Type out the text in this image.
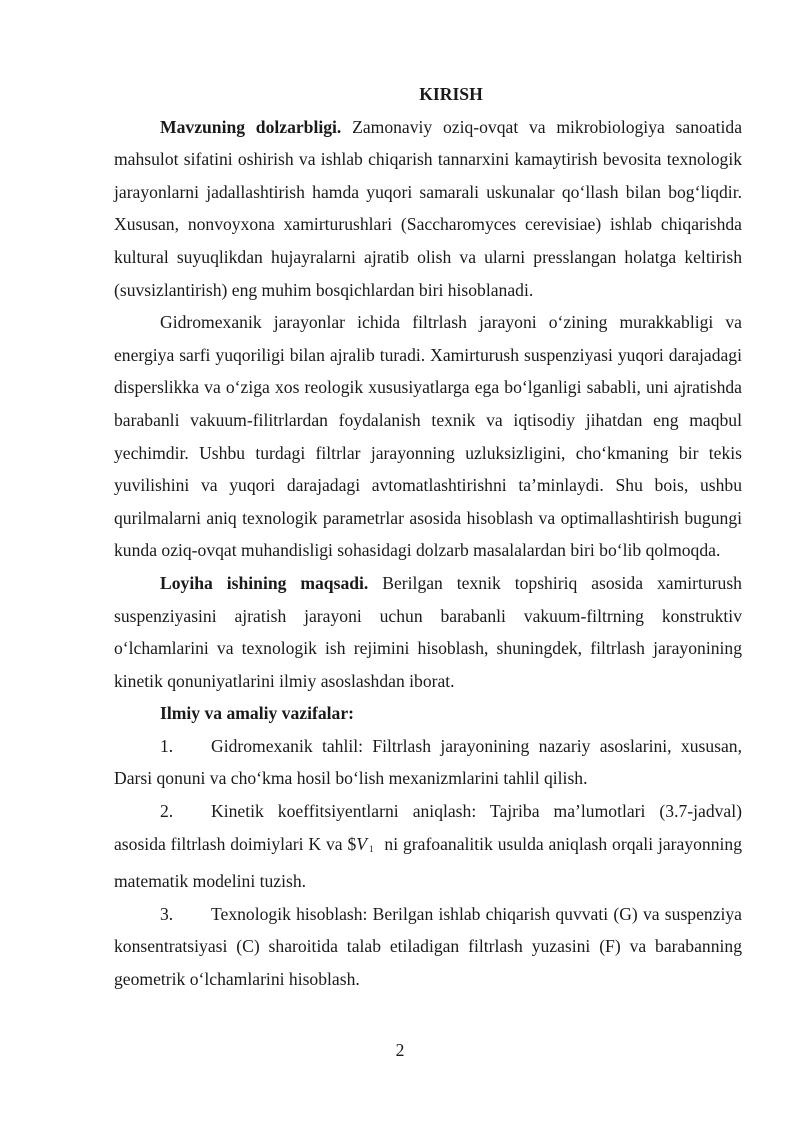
KIRISH

Mavzuning dolzarbligi. Zamonaviy oziq-ovqat va mikrobiologiya sanoatida mahsulot sifatini oshirish va ishlab chiqarish tannarxini kamaytirish bevosita texnologik jarayonlarni jadallashtirish hamda yuqori samarali uskunalar qo‘llash bilan bog‘liqdir. Xususan, nonvoyxona xamirturushlari (Saccharomyces cerevisiae) ishlab chiqarishda kultural suyuqlikdan hujayralarni ajratib olish va ularni presslangan holatga keltirish (suvsizlantirish) eng muhim bosqichlardan biri hisoblanadi.

Gidromexanik jarayonlar ichida filtrlash jarayoni o‘zining murakkabligi va energiya sarfi yuqoriligi bilan ajralib turadi. Xamirturush suspenziyasi yuqori darajadagi disperslikka va o‘ziga xos reologik xususiyatlarga ega bo‘lganligi sababli, uni ajratishda barabanli vakuum-filitrlardan foydalanish texnik va iqtisodiy jihatdan eng maqbul yechimdir. Ushbu turdagi filtrlar jarayonning uzluksizligini, cho‘kmaning bir tekis yuvilishini va yuqori darajadagi avtomatlashtirishni ta’minlaydi. Shu bois, ushbu qurilmalarni aniq texnologik parametrlar asosida hisoblash va optimallashtirish bugungi kunda oziq-ovqat muhandisligi sohasidagi dolzarb masalalardan biri bo‘lib qolmoqda.

Loyiha ishining maqsadi. Berilgan texnik topshiriq asosida xamirturush suspenziyasini ajratish jarayoni uchun barabanli vakuum-filtrning konstruktiv o‘lchamlarini va texnologik ish rejimini hisoblash, shuningdek, filtrlash jarayonining kinetik qonuniyatlarini ilmiy asoslashdan iborat.

Ilmiy va amaliy vazifalar:

1. Gidromexanik tahlil: Filtrlash jarayonining nazariy asoslarini, xususan, Darsi qonuni va cho‘kma hosil bo‘lish mexanizmlarini tahlil qilish.

2. Kinetik koeffitsiyentlarni aniqlash: Tajriba ma’lumotlari (3.7-jadval) asosida filtrlash doimiylari K va $V $_1$ ni grafoanalitik usulda aniqlash orqali jarayonning matematik modelini tuzish.

3. Texnologik hisoblash: Berilgan ishlab chiqarish quvvati (G) va suspenziya konsentratsiyasi (C) sharoitida talab etiladigan filtrlash yuzasini (F) va barabanning geometrik o‘lchamlarini hisoblash.

2
